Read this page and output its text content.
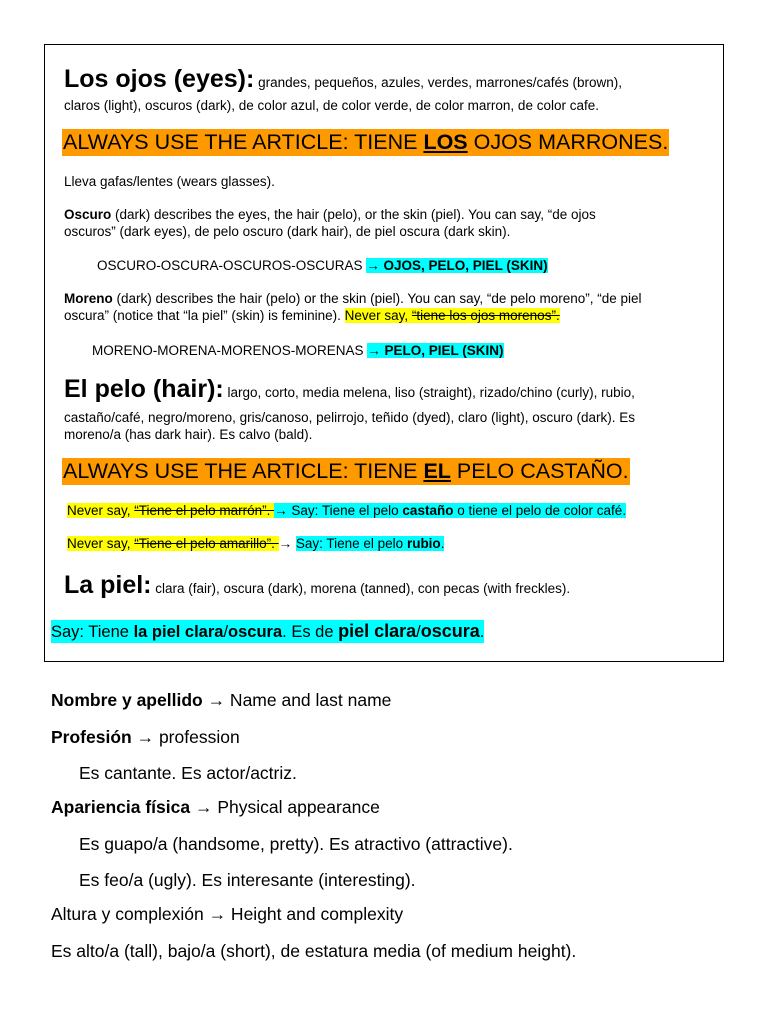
Los ojos (eyes): grandes, pequeños, azules, verdes, marrones/cafés (brown),
claros (light), oscuros (dark), de color azul, de color verde, de color marron, de color cafe.
ALWAYS USE THE ARTICLE: TIENE LOS OJOS MARRONES.
Lleva gafas/lentes (wears glasses).
Oscuro (dark) describes the eyes, the hair (pelo), or the skin (piel). You can say, “de ojos
oscuros” (dark eyes), de pelo oscuro (dark hair), de piel oscura (dark skin).
OSCURO-OSCURA-OSCUROS-OSCURAS → OJOS, PELO, PIEL (SKIN)
Moreno (dark) describes the hair (pelo) or the skin (piel). You can say, “de pelo moreno”, “de piel
oscura” (notice that “la piel” (skin) is feminine). Never say, “tiene los ojos morenos”.
MORENO-MORENA-MORENOS-MORENAS → PELO, PIEL (SKIN)
El pelo (hair): largo, corto, media melena, liso (straight), rizado/chino (curly), rubio,
castaño/café, negro/moreno, gris/canoso, pelirrojo, teñido (dyed), claro (light), oscuro (dark). Es
moreno/a (has dark hair). Es calvo (bald).
ALWAYS USE THE ARTICLE: TIENE EL PELO CASTAÑO.
Never say, “Tiene el pelo marrón”. → Say: Tiene el pelo castaño o tiene el pelo de color café.
Never say, “Tiene el pelo amarillo”. → Say: Tiene el pelo rubio.
La piel: clara (fair), oscura (dark), morena (tanned), con pecas (with freckles).
Say: Tiene la piel clara/oscura. Es de piel clara/oscura.
Nombre y apellido → Name and last name
Profesión → profession
Es cantante. Es actor/actriz.
Apariencia física → Physical appearance
Es guapo/a (handsome, pretty). Es atractivo (attractive).
Es feo/a (ugly). Es interesante (interesting).
Altura y complexión → Height and complexity
Es alto/a (tall), bajo/a (short), de estatura media (of medium height).
